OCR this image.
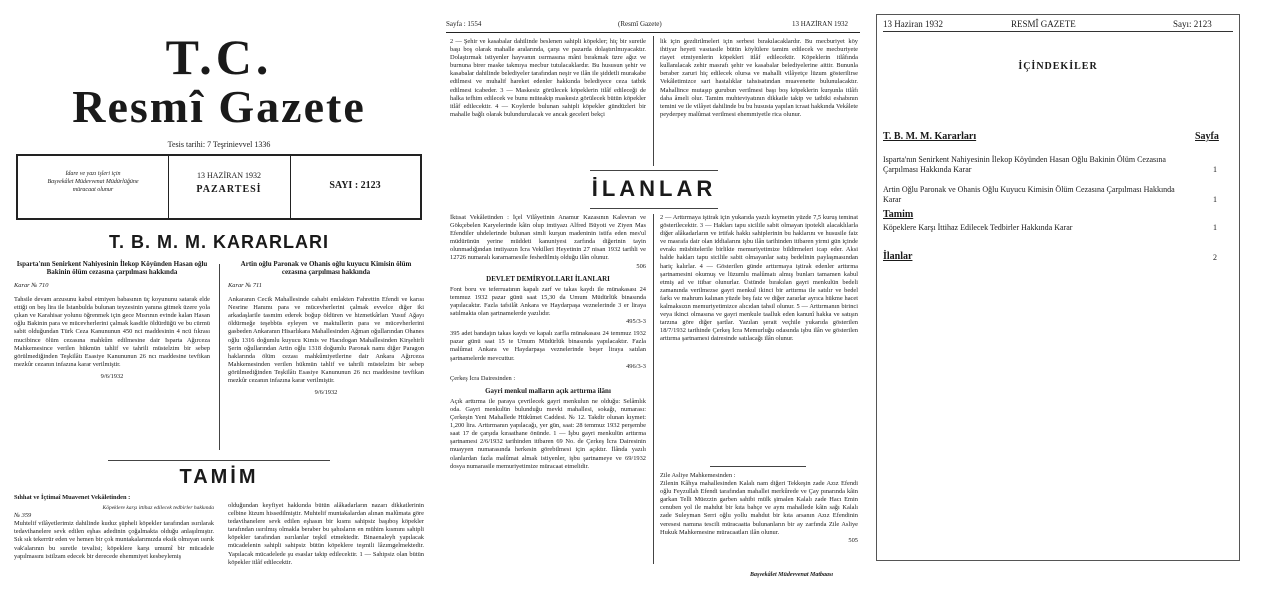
T.C.
Resmî Gazete
Tesis tarihi: 7 Teşrinievvel 1336
İdare ve yazı işleri için
Başvekâlet Müdevvenat Müdürlüğüne
müracaat olunur
13 HAZİRAN 1932
PAZARTESİ	SAYI : 2123
T. B. M. M. KARARLARI
Isparta'nın Senirkent Nahiyesinin İlekop Köyünden Hasan oğlu Bakinin ölüm cezasına çarpılması hakkında
Karar № 710
Tahsile devam arzusunu kabul etmiyen babasının üç koyununu satarak elde ettiği on beş lira ile İstanbulda bulunan teyzesinin yanına gitmek üzere yola çıkan ve Karahisar yolunu öğrenmek için gece Mısrının evinde kalan Hasan oğlu Bakinin para ve mücevherlerini çalmak kasdile öldürdüğü ve bu cürmü sabit olduğundan Türk Ceza Kanununun 450 nci maddesinin 4 ncü fıkrası mucibince ölüm cezasına mahkûm edilmesine dair Isparta Ağırceza Mahkemesince verilen hükmün tahlif ve tahrili müstelzim bir sebep görülmediğinden Teşkilâtı Esasiye Kanununun 26 ncı maddesine tevfikan mezkûr cezanın infazına karar verilmiştir.
9/6/1932
Artin oğlu Paronak ve Ohanis oğlu kuyucu Kimisin ölüm cezasına çarpılması hakkında
Karar № 711
Ankaranın Cecik Mahallesinde cahabi emlakten Fahrettin Efendi ve karısı Nesrine Hanımı para ve mücevherlerini çalmak evvelce diğer iki arkadaşlarile tasmim ederek boğup öldüren ve hizmetkârları Yusuf Ağayı öldürmeğe teşebbüs eyleyen ve maktullerin para ve mücevherlerini gasbeden Ankaranın Hisarlıkara Mahallesinden Ağman oğullarından Ohanes oğlu 1316 doğumlu kuyucu Kimis ve Hacıdogan Mahallesinden Kirşehirli Şerin oğullarından Artin oğlu 1318 doğumlu Paronak namı diğer Paragon haklarında ölüm cezası mahkûmiyetlerine dair Ankara Ağırceza Mahkemesinden verilen hükmün tahlif ve tahrili müstelzim bir sebep görülmediğinden Teşkilâtı Esasiye Kanununun 26 ncı maddesine tevfikan mezkûr cezanın infazına karar verilmiştir.
9/6/1932
TAMİM
Sıhhat ve İçtimaî Muavenet Vekâletinden :
Köpeklere karşı ittihaz edilecek tedbirler hakkında
№ 359
Muhtelif vilâyetlerimiz dahilinde kuduz şüpheli köpekler tarafından ısırılarak tedavihanelere sevk edilen eşhas adedinin çoğalmakta olduğu anlaşılmıştır. Sık sık tekerrür eden ve hemen bir çok muntakalarımızda eksik olmıyan ısırık vak'alarının bu suretle tevalisi; köpeklere karşı umumî bir mücadele yapılmasını istilzam edecek bir derecede ehemmiyet kesbeylemiş
olduğundan keyfiyet hakkında bütün alâkadarların nazarı dikkatlerinin celbine lüzum hissedilmiştir. Muhtelif muntakalardan alınan malûmata göre tedavihanelere sevk edilen eşhasın bir kısmı sahipsiz başıboş köpekler tarafından ısırılmış olmakla beraber bu şahısların en mühim kısmını sahipli köpekler tarafından ısırılanlar teşkil etmektedir. Binaenaleyh yapılacak mücadelenin sahipli sahipsiz bütün köpeklere teşmili lâzımgelmektedir. Yapılacak mücadelede şu esaslar takip edilecektir. 1 — Sahipsiz olan bütün köpekler itlâf edilecektir.
Sayfa : 1554	(Resmî Gazete)	13 HAZİRAN 1932
2 — Şehir ve kasabalar dahilinde beslenen sahipli köpekler; hiç bir suretle başı boş olarak mahalle aralarında, çarşı ve pazarda dolaştırılmıyacaktır. Dolaştırmak istiyenler hayvanın ısırmasına mâni bırakmak üzre ağız ve burnuna birer maske takmıya mecbur tutulacaklardır. Bu hususun şehir ve kasabalar dahilinde belediyeler tarafından neşir ve ilân ile şiddetli murakabe edilmesi ve muhalif hareket edenler hakkında belediyece ceza tatbik edilmesi icabeder. 3 — Maskesiz görülecek köpeklerin itlâf edileceği de halka tefhim edilecek ve bunu müteakip maskesiz görülecek bütün köpekler itlâf edilecektir. 4 — Koylerde bulunan sahipli köpekler gündüzleri bir mahalle bağlı olarak bulundurulacak ve ancak geceleri bekçi
lik için gezdirilmeleri için serbest bırakılacaklardır. Bu mecburiyet köy ihtiyar heyeti vasıtasile bütün köylülere tamim edilecek ve mecburiyete riayet etmiyenlerin köpekleri itlâf edilecektir. Köpeklerin itlâfında kullanılacak zehir masrafı şehir ve kasabalar belediyelerine aittir. Bununla beraber zaruri hiç edilecek olursa ve mahalli vilâyetçe lüzum gösterilirse Vekâletimizce sari hastalıklar tahsisatından muavenette bulunulacaktır. Mahallince mutaşıp gurubun verilmesi başı boş köpeklerin kurşunla itlâfı daha âmeli olur. Tamim muhteviyatının dikkatle takip ve tatbiki eshabının temini ve ile vilâyet dahilinde bu bu hususta yapılan icraat hakkında Vekâlete peyderpey malûmat verilmesi ehemmiyetle rica olunur.
İLANLAR
İktısat Vekâletinden : İçel Vilâyetinin Anamur Kazasının Kalevran ve Gökçebelen Karyelerinde kâin olup imtiyazı Alfred Büyoti ve Ziyen Mas Efendiler uhdelerinde bulunan simli kurşun madeninin istifa eden mes'ul müdürünün yerine müddeti kanuniyesi zarfında diğerinin tayin olunmadığından imtiyazın İcra Vekilleri Heyetinin 27 nisan 1932 tarihli ve 12726 numaralı kararnamesile feshedilmiş olduğu ilân olunur.
506
DEVLET DEMİRYOLLARI İLANLARI
Font boru ve teferruatının kapalı zarf ve takas kaydı ile münakasası 24 temmuz 1932 pazar günü saat 15,30 da Umum Müdürlük binasında yapılacaktır. Fazla tafsilât Ankara ve Haydarpaşa veznelerinde 3 er liraya satılmakta olan şartnamelerde yazılıdır.
495/3-3
395 adet bandajın takas kaydı ve kapalı zarfla münakasası 24 temmuz 1932 pazar günü saat 15 te Umum Müdürlük binasında yapılacaktır. Fazla malûmat Ankara ve Haydarpaşa veznelerinde beşer liraya satılan şartnamelerde mevcuttur.
496/3-3
Çerkeş İcra Dairesinden :
Gayri menkul malların açık arttırma ilânı
Açık arttırma ile paraya çevrilecek gayri menkulun ne olduğu: Selâmlık oda. Gayri menkulün bulunduğu mevki mahallesi, sokağı, numarası: Çerkeşin Yeni Mahallede Hükûmet Caddesi. № 12. Takdir olunan kıymet: 1,200 lira. Arttırmanın yapılacağı, yer gün, saat: 28 temmuz 1932 perşembe saat 17 de çarşıda kıraathane önünde. 1 — İşbu gayri menkulün arttırma şartnamesi 2/6/1932 tarihinden itibaren 69 No. de Çerkeş İcra Dairesinin muayyen numarasında herkesin görebilmesi için açıktır. İlânda yazılı olanlardan fazla malûmat almak istiyenler, işbu şartnameye ve 69/1932 dosya numarasile memuriyetimize müracaat etmelidir.
2 — Arttırmaya iştirak için yukarıda yazılı kıymetin yüzde 7,5 kuruş teminat gösterilecektir. 3 — Hakları tapu sicilile sabit olmayan ipotekli alacaklılarla diğer alâkadarların ve irtifak hakkı sahiplerinin bu haklarını ve hususile faiz ve masrafa dair olan iddialarını işbu ilân tarihinden itibaren yirmi gün içinde evrakı müsbitelerile birlikte memuriyetimize bildirmeleri icap eder. Aksi halde hakları tapu sicilile sabit olmayanlar satış bedelinin paylaşmasından hariç kalırlar. 4 — Gösterilen günde arttırmaya iştirak edenler arttırma şartnamesini okumuş ve lüzumlu malûmatı almış bunları tamamen kabul etmiş ad ve itibar olunurlar. Üstünde bırakılan gayri menkulün bedeli zamanında verilmezse gayri menkul ikinci bir arttırma ile satılır ve bedel farkı ve mahrum kalınan yüzde beş faiz ve diğer zararlar ayrıca hükme hacet kalmaksızın memuriyetimizce alıcıdan tahsil olunur. 5 — Arttırmanın birinci veya ikinci olmasına ve gayri menkule taalluk eden kanunî hakka ve satışın tarzına göre diğer şartlar. Yazılan şerait veçhile yukarıda gösterilen 18/7/1932 tarihinde Çerkeş İcra Memurluğu odasında işbu ilân ve gösterilen arttırma şartnamesi dairesinde satılacağı ilân olunur.
Zile Asliye Mahkemesinden :
Zilenin Kâhya mahallesinden Kalalı nam diğeri Tekkeşin zade Azız Efendi oğlu Feyzullah Efendi tarafından mahallei merkûrede ve Çay pınarında kâin garkan Telli Müezzin garben sahibi mülk şimalen Kalalı zade Hacı Emin cenuben yol ile mahdut bir kıta bahçe ve aynı mahallede kâin sağı Kalalı zade Suleyman Serri oğlu yollu mahdut bir kıta arsanın Azız Efendinin veresesi namına tescili müracaatta bulunanların bir ay zarfında Zile Asliye Hukuk Mahkemesine müracaatları ilân olunur.
505
Başvekâlet Müdevvenat Matbaası
13 Haziran 1932	RESMÎ GAZETE	Sayı: 2123
İÇİNDEKİLER
T. B. M. M. Kararları	Sayfa
Isparta'nın Senirkent Nahiyesinin İlekop Köyünden Hasan Oğlu Bakinin Ölüm Cezasına Çarpılması Hakkında Karar	1
Artin Oğlu Paronak ve Ohanis Oğlu Kuyucu Kimisin Ölüm Cezasına Çarpılması Hakkında Karar	1
Tamim
Köpeklere Karşı İttihaz Edilecek Tedbirler Hakkında Karar	1
İlanlar	2
